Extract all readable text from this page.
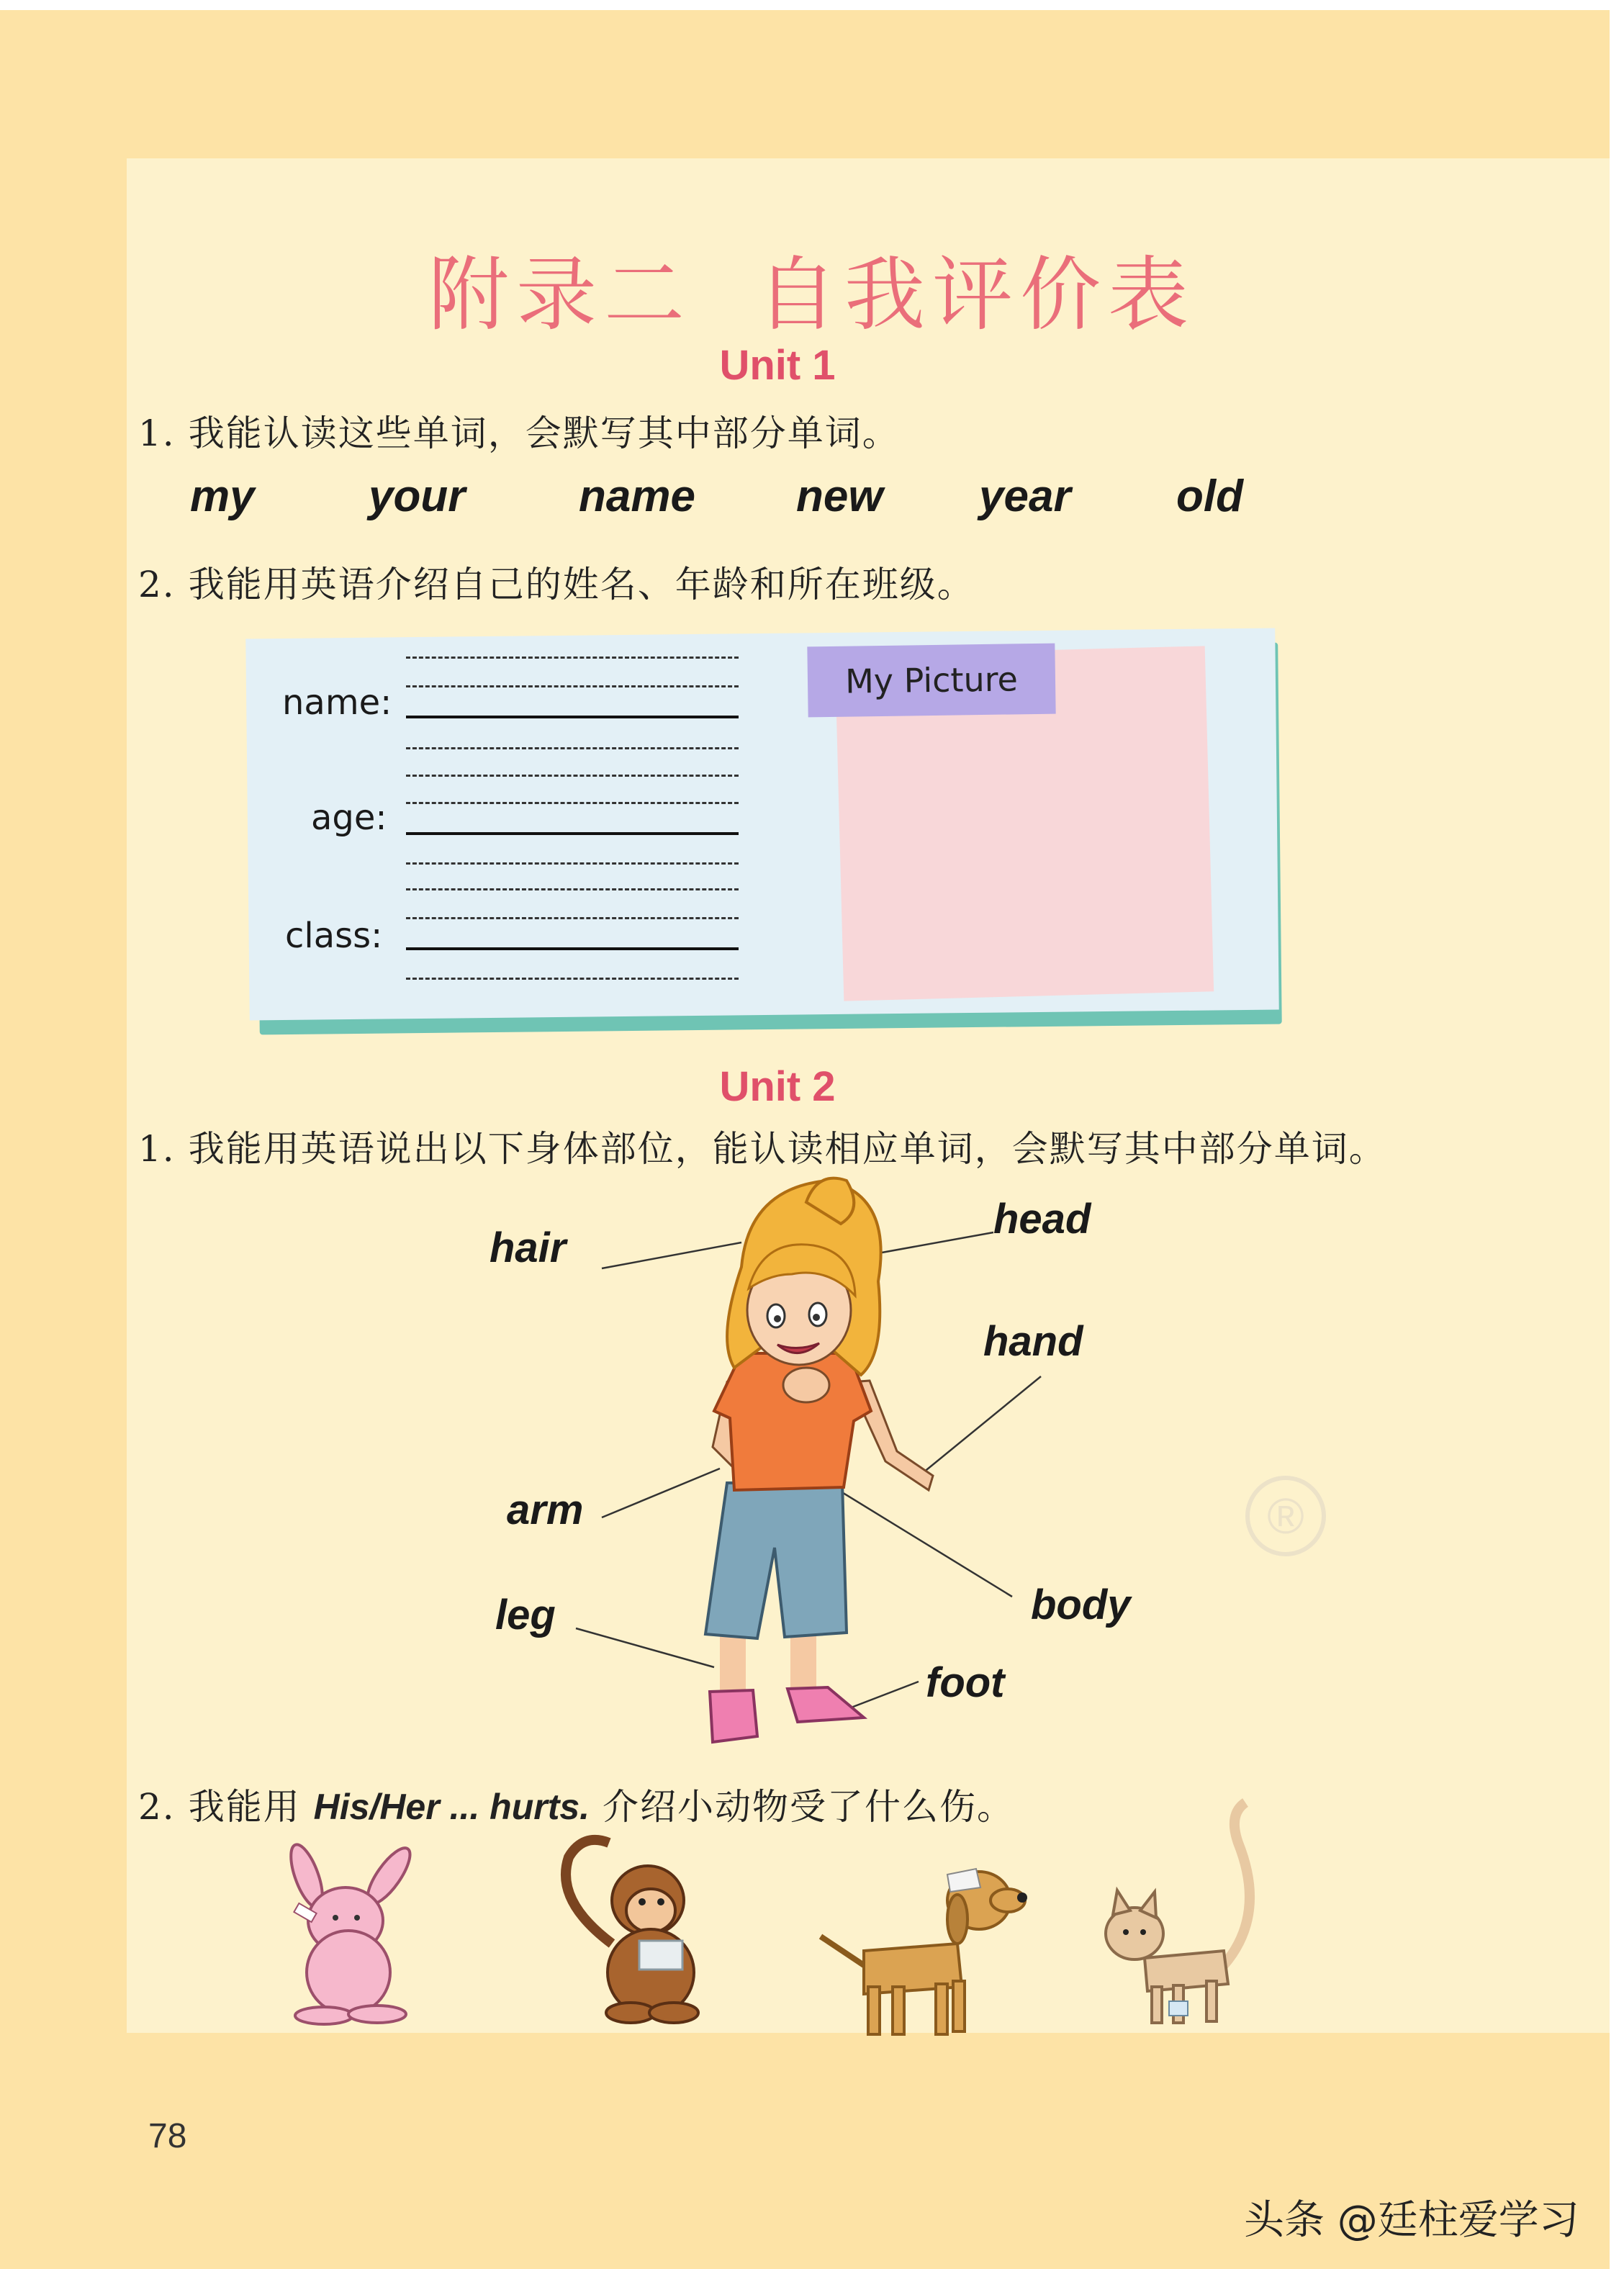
附录二 自我评价表
Unit 1
1. 我能认读这些单词，会默写其中部分单词。
my	your	name new year old
2. 我能用英语介绍自己的姓名、年龄和所在班级。
name:
age:
class:
My Picture
Unit 2
1. 我能用英语说出以下身体部位，能认读相应单词，会默写其中部分单词。
®
hair
head
hand
arm
body
leg
foot
2. 我能用 His/Her ... hurts. 介绍小动物受了什么伤。
78
头条 @廷柱爱学习
